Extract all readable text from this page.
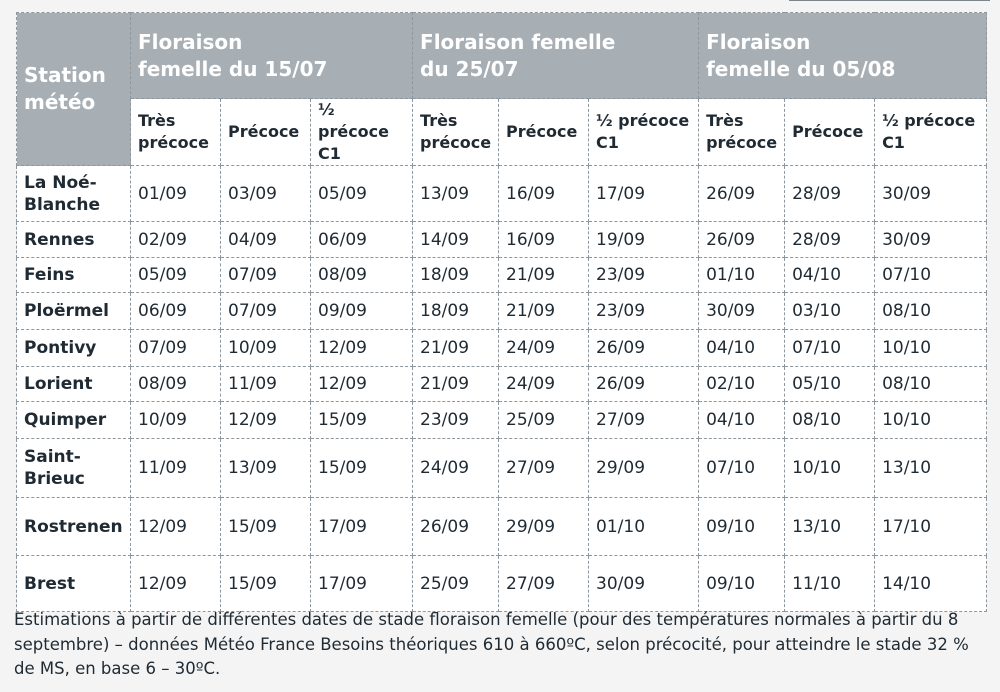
Station météo	Floraison femelle du 15/07			Floraison femelle du 25/07			Floraison femelle du 05/08		
	Très précoce	Précoce	½ précoce C1	Très précoce	Précoce	½ précoce C1	Très précoce	Précoce	½ précoce C1
La Noé-Blanche	01/09	03/09	05/09	13/09	16/09	17/09	26/09	28/09	30/09
Rennes	02/09	04/09	06/09	14/09	16/09	19/09	26/09	28/09	30/09
Feins	05/09	07/09	08/09	18/09	21/09	23/09	01/10	04/10	07/10
Ploërmel	06/09	07/09	09/09	18/09	21/09	23/09	30/09	03/10	08/10
Pontivy	07/09	10/09	12/09	21/09	24/09	26/09	04/10	07/10	10/10
Lorient	08/09	11/09	12/09	21/09	24/09	26/09	02/10	05/10	08/10
Quimper	10/09	12/09	15/09	23/09	25/09	27/09	04/10	08/10	10/10
Saint-Brieuc	11/09	13/09	15/09	24/09	27/09	29/09	07/10	10/10	13/10
Rostrenen	12/09	15/09	17/09	26/09	29/09	01/10	09/10	13/10	17/10
Brest	12/09	15/09	17/09	25/09	27/09	30/09	09/10	11/10	14/10
Estimations à partir de différentes dates de stade floraison femelle (pour des températures normales à partir du 8 septembre) – données Météo France Besoins théoriques 610 à 660ºC, selon précocité, pour atteindre le stade 32 % de MS, en base 6 – 30ºC.
